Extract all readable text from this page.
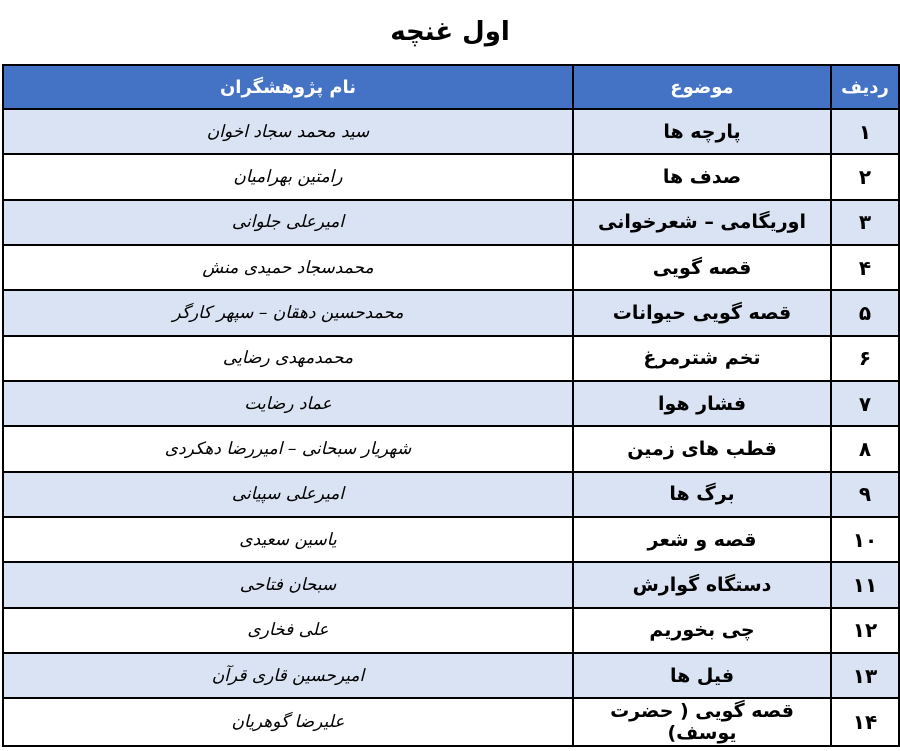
اول غنچه
ردیف	موضوع	نام پژوهشگران
۱	پارچه ها	سید محمد سجاد اخوان
۲	صدف ها	رامتین بهرامیان
۳	اوریگامی – شعرخوانی	امیرعلی جلوانی
۴	قصه گویی	محمدسجاد حمیدی منش
۵	قصه گویی حیوانات	محمدحسین دهقان – سپهر کارگر
۶	تخم شترمرغ	محمدمهدی رضایی
۷	فشار هوا	عماد رضایت
۸	قطب های زمین	شهریار سبحانی – امیررضا دهکردی
۹	برگ ها	امیرعلی سپیانی
۱۰	قصه و شعر	یاسین سعیدی
۱۱	دستگاه گوارش	سبحان فتاحی
۱۲	چی بخوریم	علی فخاری
۱۳	فیل ها	امیرحسین قاری قرآن
۱۴	قصه گویی ( حضرت یوسف)	علیرضا گوهریان
